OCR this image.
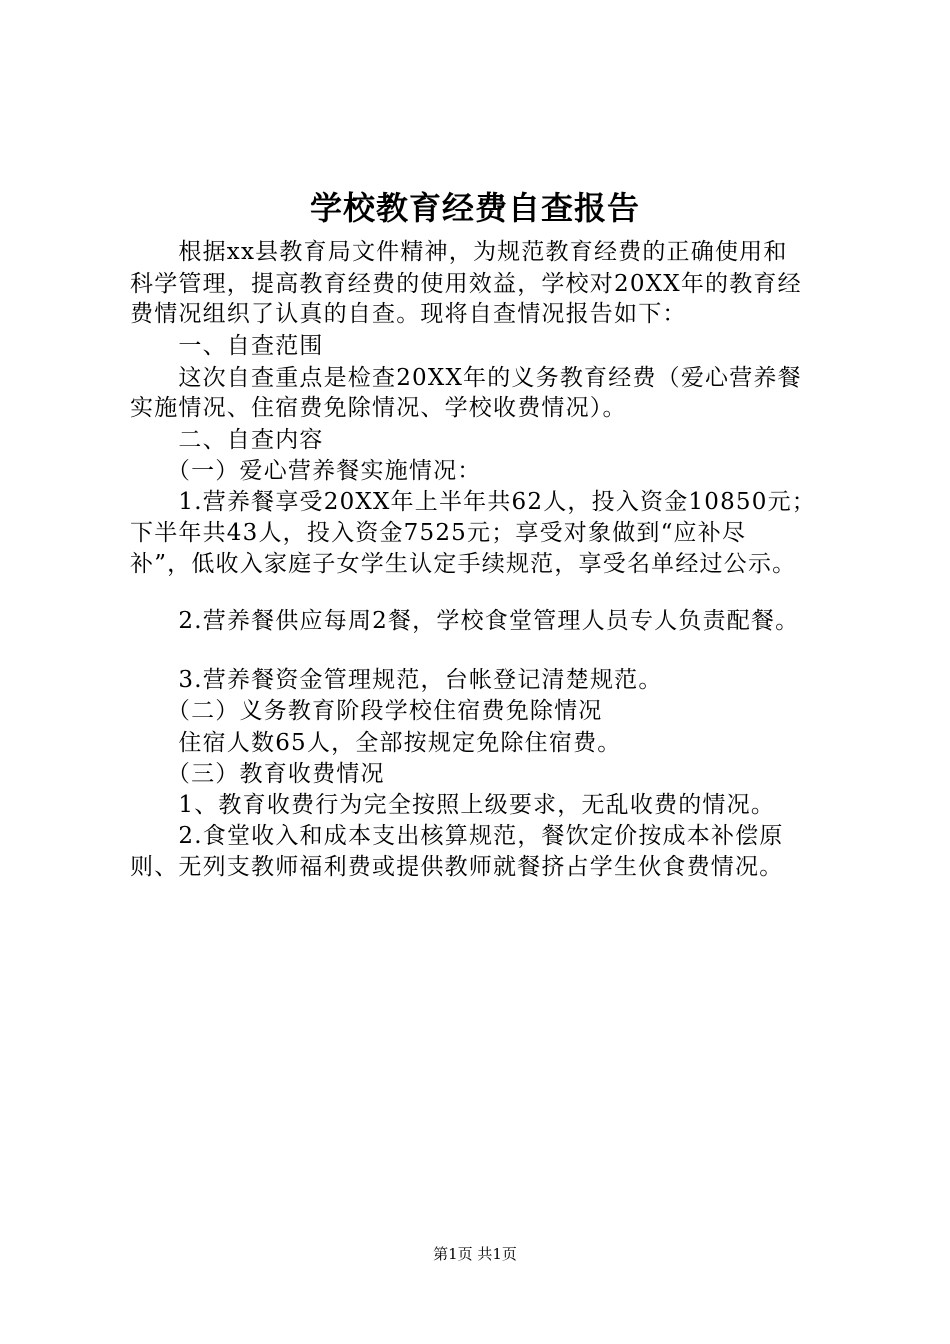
学校教育经费自查报告
　　根据xx县教育局文件精神，为规范教育经费的正确使用和
科学管理，提高教育经费的使用效益，学校对20XX年的教育经
费情况组织了认真的自查。现将自查情况报告如下：
　　一、自查范围
　　这次自查重点是检查20XX年的义务教育经费（爱心营养餐
实施情况、住宿费免除情况、学校收费情况）。
　　二、自查内容
　　（一）爱心营养餐实施情况：
　　1.营养餐享受20XX年上半年共62人，投入资金10850元；
下半年共43人，投入资金7525元；享受对象做到“应补尽
补”，低收入家庭子女学生认定手续规范，享受名单经过公示。
　　2.营养餐供应每周2餐，学校食堂管理人员专人负责配餐。
　　3.营养餐资金管理规范，台帐登记清楚规范。
　　（二）义务教育阶段学校住宿费免除情况
　　住宿人数65人，全部按规定免除住宿费。
　　（三）教育收费情况
　　1、教育收费行为完全按照上级要求，无乱收费的情况。
　　2.食堂收入和成本支出核算规范，餐饮定价按成本补偿原
则、无列支教师福利费或提供教师就餐挤占学生伙食费情况。
第1页 共1页
